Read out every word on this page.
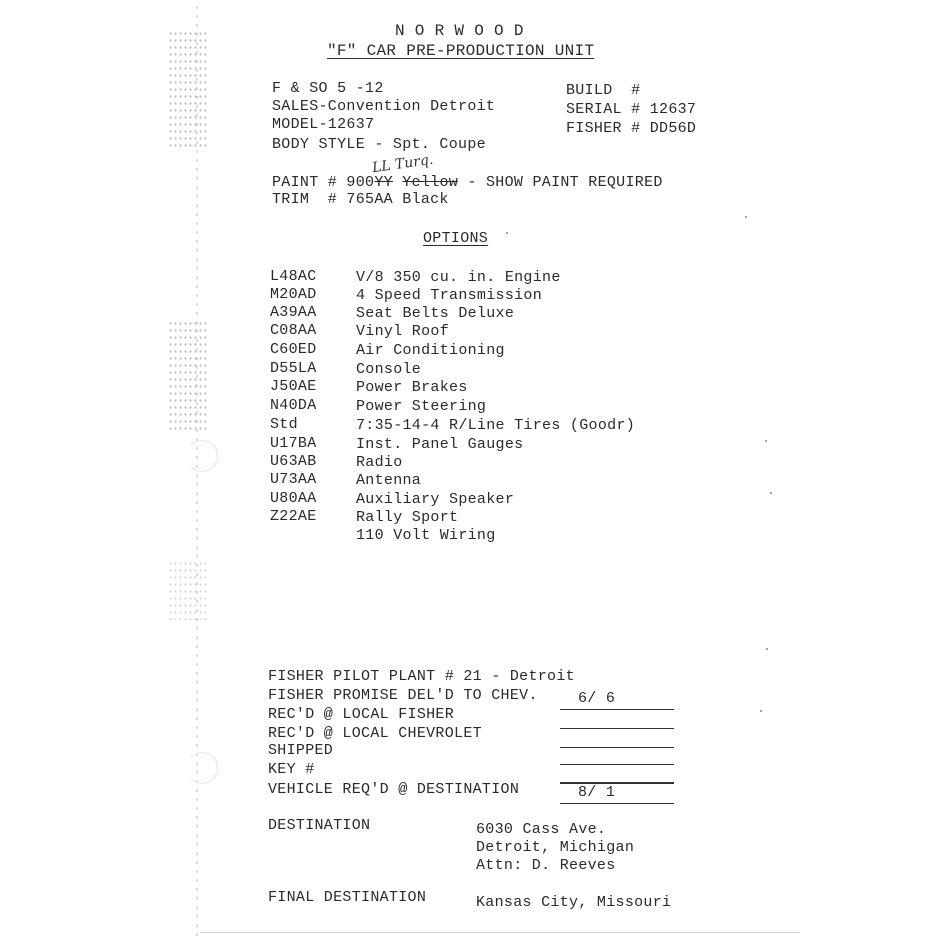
N O R W O O D
"F" CAR PRE-PRODUCTION UNIT
F & SO 5 -12
SALES-Convention Detroit
MODEL-12637
BODY STYLE - Spt. Coupe
BUILD  #
SERIAL # 12637
FISHER # DD56D
PAINT # 900YY Yellow - SHOW PAINT REQUIRED
LL Turq.
TRIM  # 765AA Black
OPTIONS
L48AC	V/8 350 cu. in. Engine
M20AD	4 Speed Transmission
A39AA	Seat Belts Deluxe
C08AA	Vinyl Roof
C60ED	Air Conditioning
D55LA	Console
J50AE	Power Brakes
N40DA	Power Steering
Std	7:35-14-4 R/Line Tires (Goodr)
U17BA	Inst. Panel Gauges
U63AB	Radio
U73AA	Antenna
U80AA	Auxiliary Speaker
Z22AE	Rally Sport
110 Volt Wiring
FISHER PILOT PLANT # 21 - Detroit
FISHER PROMISE DEL'D TO CHEV.	6/ 6
REC'D @ LOCAL FISHER
REC'D @ LOCAL CHEVROLET
SHIPPED
KEY #
VEHICLE REQ'D @ DESTINATION	8/ 1
DESTINATION	6030 Cass Ave.
Detroit, Michigan
Attn: D. Reeves
FINAL DESTINATION	Kansas City, Missouri
